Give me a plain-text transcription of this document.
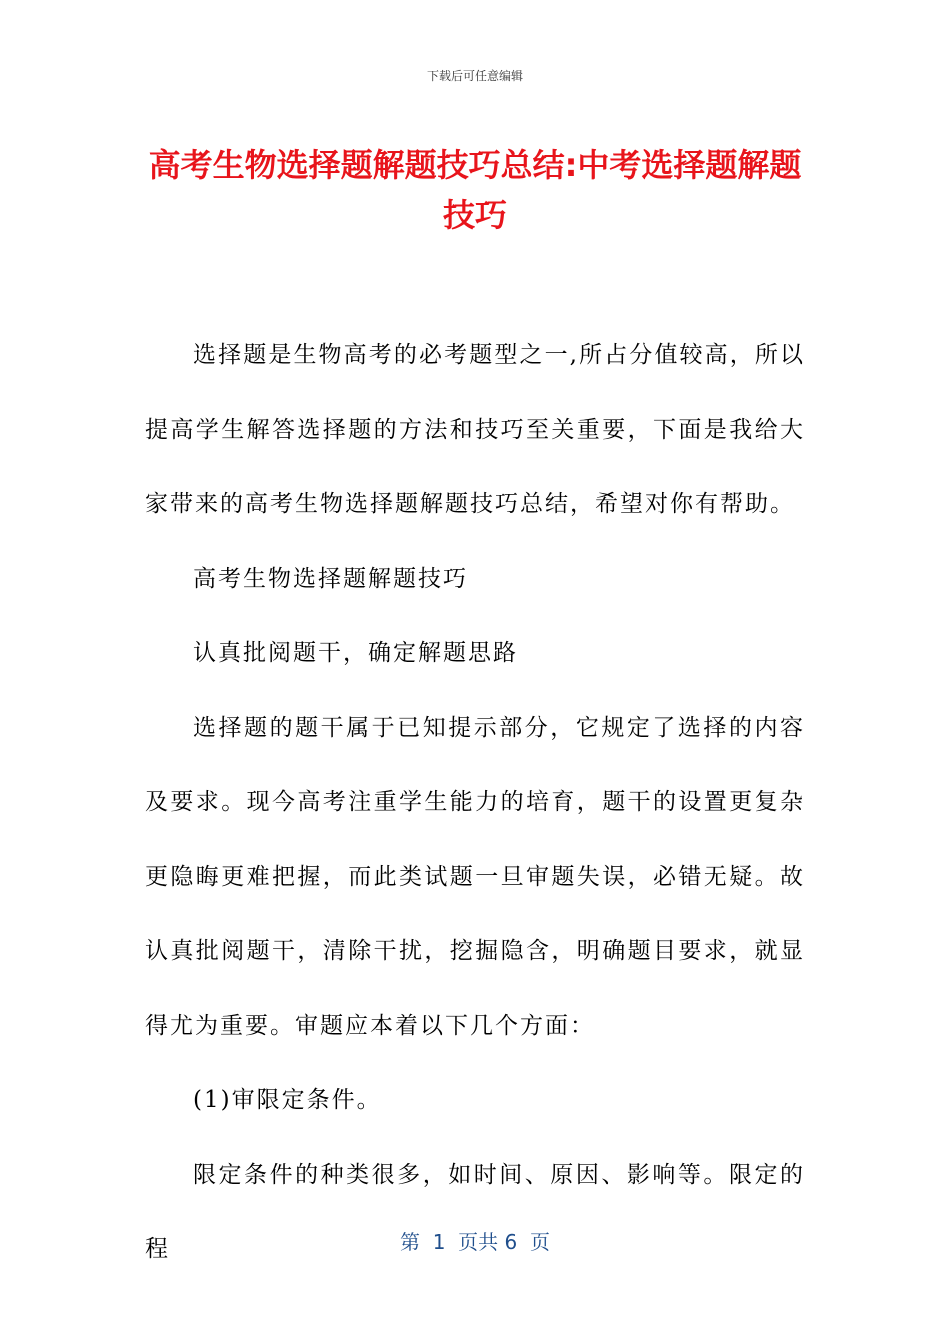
下载后可任意编辑
高考生物选择题解题技巧总结:中考选择题解题技巧

选择题是生物高考的必考题型之一,所占分值较高，所以提高学生解答选择题的方法和技巧至关重要，下面是我给大家带来的高考生物选择题解题技巧总结，希望对你有帮助。

高考生物选择题解题技巧

认真批阅题干，确定解题思路

选择题的题干属于已知提示部分，它规定了选择的内容及要求。现今高考注重学生能力的培育，题干的设置更复杂更隐晦更难把握，而此类试题一旦审题失误，必错无疑。故认真批阅题干，清除干扰，挖掘隐含，明确题目要求，就显得尤为重要。审题应本着以下几个方面：

(1)审限定条件。

限定条件的种类很多，如时间、原因、影响等。限定的程	第  1  页共 6  页
